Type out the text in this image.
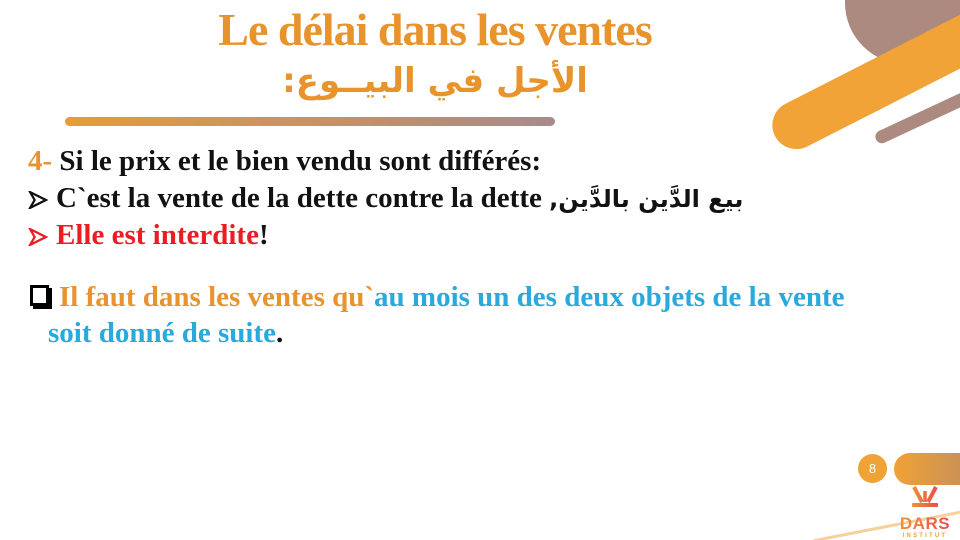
Le délai dans les ventes
الأجل في البيــوع:
4- Si le prix et le bien vendu sont différés:
C`est la vente de la dette contre la dette بيع الدَّين بالدَّين,
Elle est interdite!
Il faut dans les ventes qu`au mois un des deux objets de la vente
soit donné de suite.
8
DARS
INSTITUT
